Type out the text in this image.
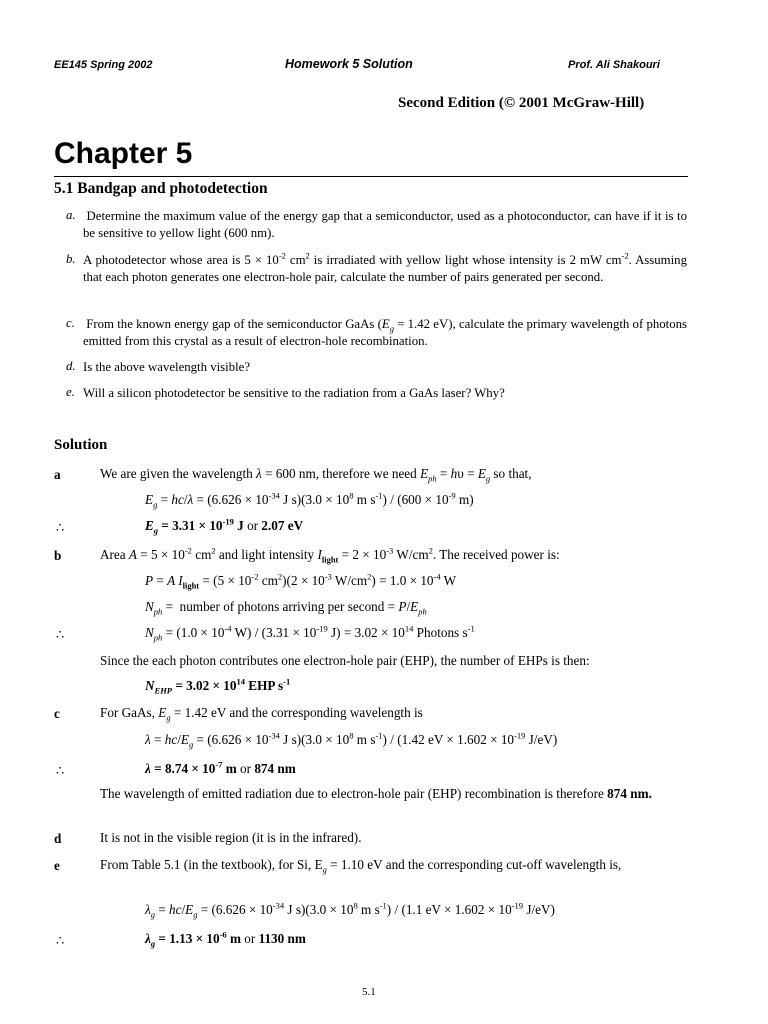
EE145 Spring 2002	Homework 5 Solution	Prof. Ali Shakouri
Second Edition (© 2001 McGraw-Hill)
Chapter 5
5.1 Bandgap and photodetection
a. Determine the maximum value of the energy gap that a semiconductor, used as a photoconductor, can have if it is to be sensitive to yellow light (600 nm).
b. A photodetector whose area is $5 \times 10^{-2}$ $cm^2$ is irradiated with yellow light whose intensity is 2 mW $cm^{-2}$. Assuming that each photon generates one electron-hole pair, calculate the number of pairs generated per second.
c. From the known energy gap of the semiconductor GaAs ($E_g = 1.42$ eV), calculate the primary wavelength of photons emitted from this crystal as a result of electron-hole recombination.
d. Is the above wavelength visible?
e. Will a silicon photodetector be sensitive to the radiation from a GaAs laser? Why?
Solution
a	We are given the wavelength λ = 600 nm, therefore we need $E_{ph} = h\upsilon = E_g$ so that,
$E_g = hc/\lambda = (6.626 \times 10^{-34}$ J $s)(3.0 \times 10^8$ m $s^{-1}) / (600 \times 10^{-9}$ m)
∴	$E_g = 3.31 \times 10^{-19}$ J or 2.07 eV
b	Area $A = 5 \times 10^{-2}$ $cm^2$ and light intensity $I_{light} = 2 \times 10^{-3}$ $W/cm^2$. The received power is:
P = A $I_{light} = (5 \times 10^{-2}$ $cm^2)(2 \times 10^{-3}$ $W/cm^2) = 1.0 \times 10^{-4}$ W
$N_{ph}$ =  number of photons arriving per second = $P/E_{ph}$
∴	$N_{ph} = (1.0 \times 10^{-4}$ $W) / (3.31 \times 10^{-19}$ $J) = 3.02 \times 10^{14}$ Photons $s^{-1}$
Since the each photon contributes one electron-hole pair (EHP), the number of EHPs is then:
$N_{EHP} = 3.02 \times 10^{14}$ EHP $s^{-1}$
c	For GaAs, $E_g = 1.42$ eV and the corresponding wavelength is
$\lambda = hc/E_g = (6.626 \times 10^{-34}$ J $s)(3.0 \times 10^8$ m $s^{-1}) / (1.42$ eV × $1.602 \times 10^{-19}$ J/eV)
∴	$\lambda = 8.74 \times 10^{-7}$ m or 874 nm
The wavelength of emitted radiation due to electron-hole pair (EHP) recombination is therefore 874 nm.
d	It is not in the visible region (it is in the infrared).
e	From Table 5.1 (in the textbook), for Si, $E_g = 1.10$ eV and the corresponding cut-off wavelength is,
$\lambda_g = hc/E_g = (6.626 \times 10^{-34}$ J $s)(3.0 \times 10^8$ m $s^{-1}) / (1.1$ eV × $1.602 \times 10^{-19}$ J/eV)
∴	$\lambda_g = 1.13 \times 10^{-6}$ m or 1130 nm
5.1
